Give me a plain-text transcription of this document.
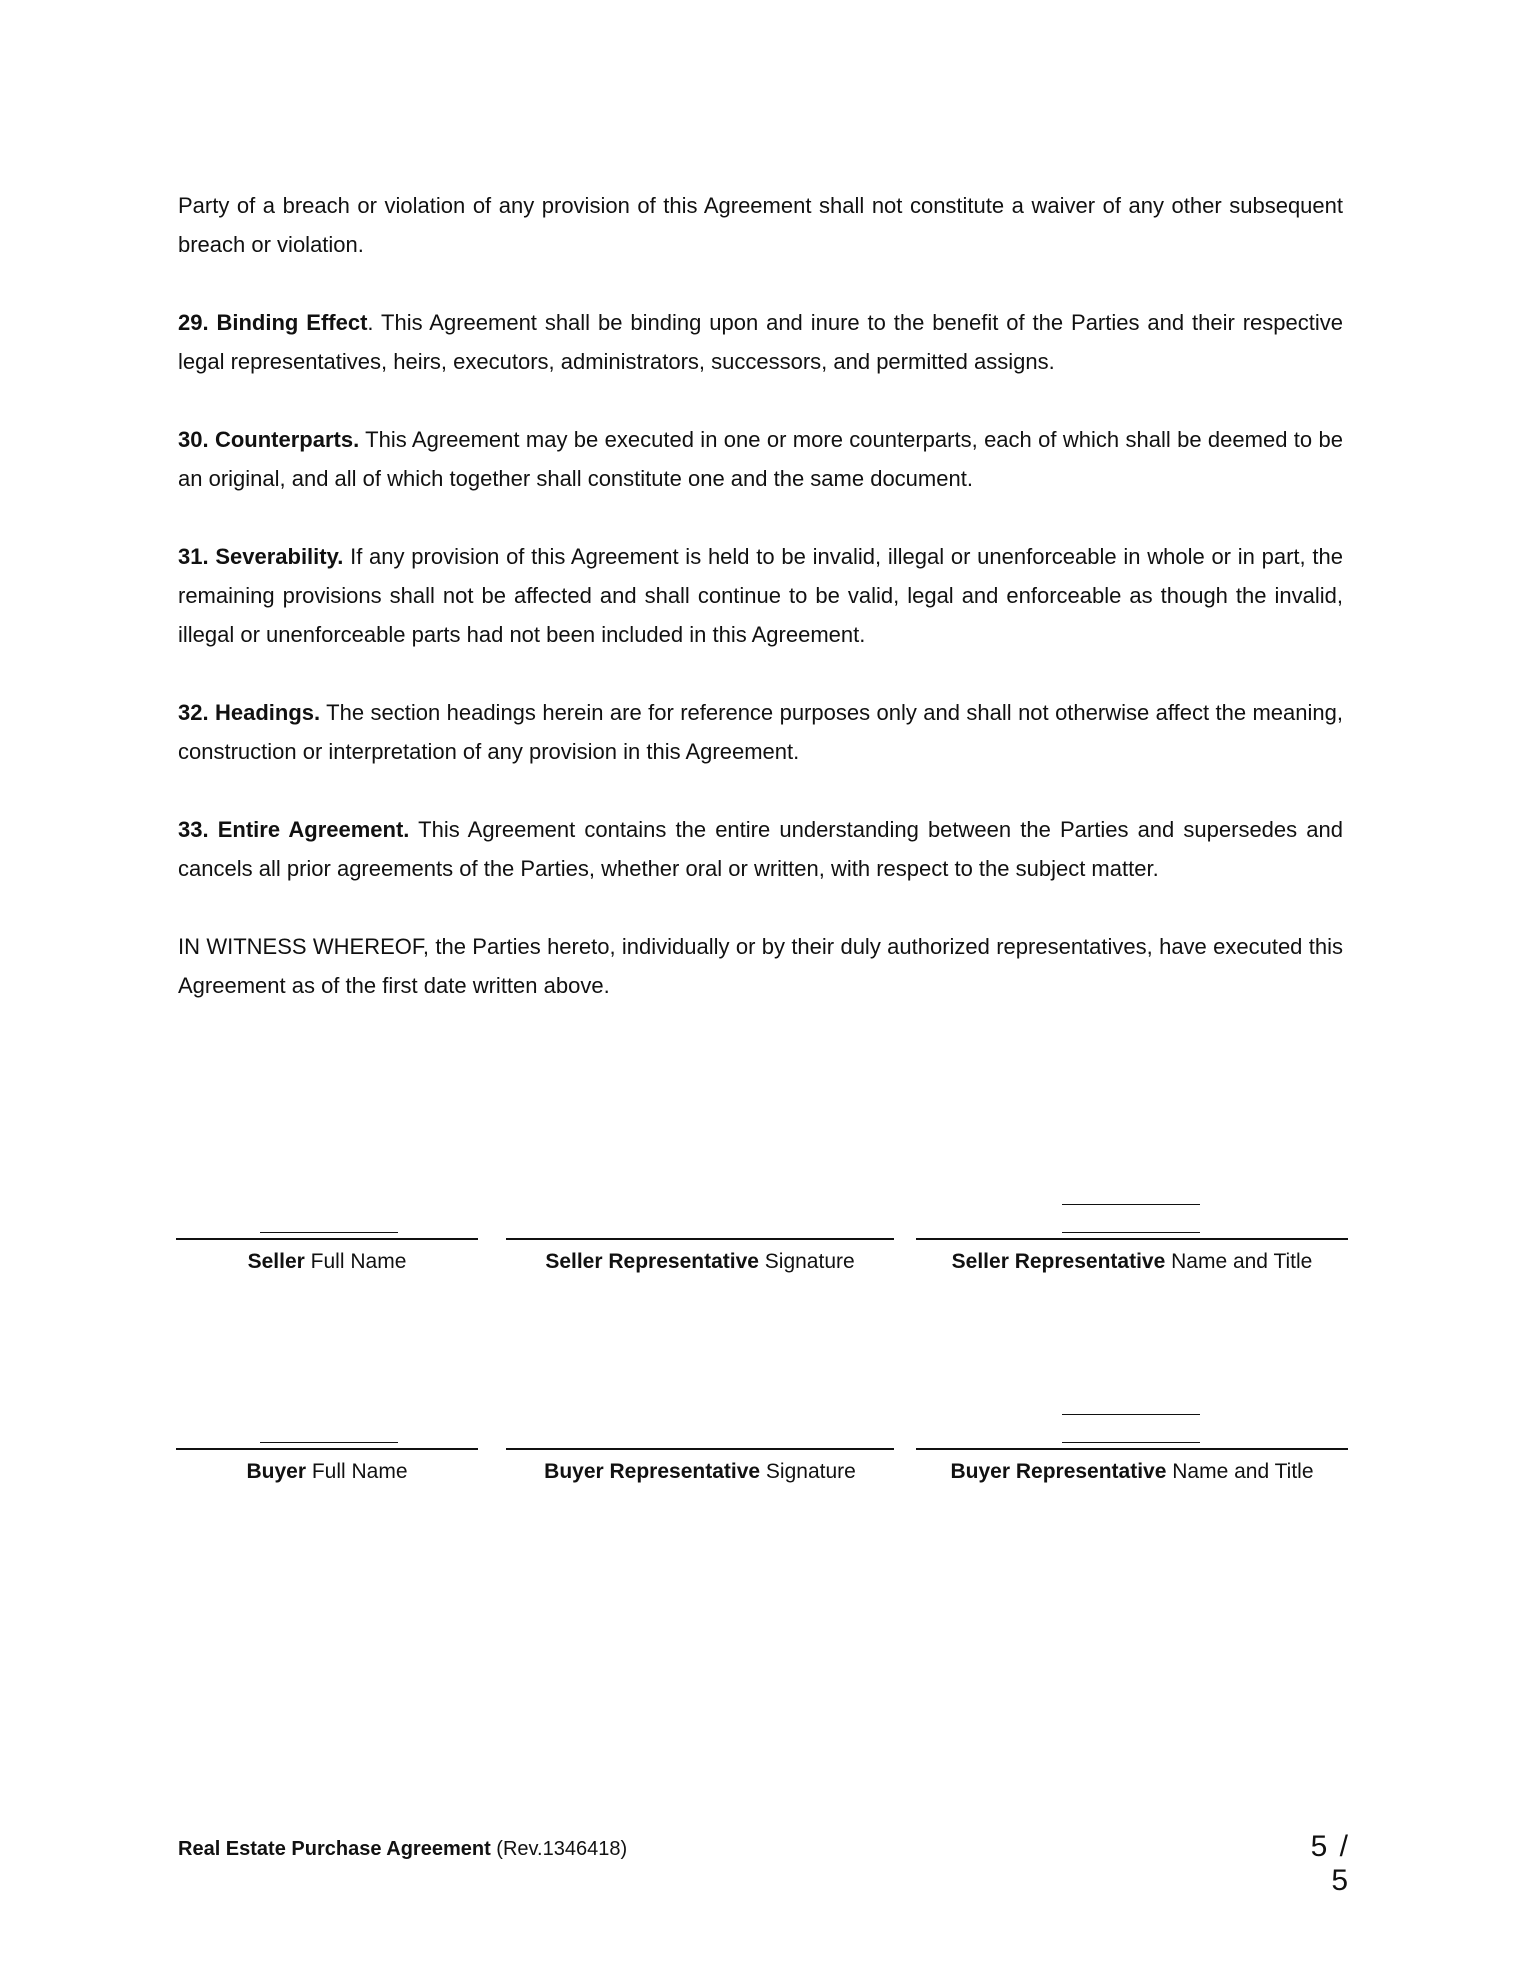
Party of a breach or violation of any provision of this Agreement shall not constitute a waiver of any other subsequent breach or violation.

29. Binding Effect. This Agreement shall be binding upon and inure to the benefit of the Parties and their respective legal representatives, heirs, executors, administrators, successors, and permitted assigns.

30. Counterparts. This Agreement may be executed in one or more counterparts, each of which shall be deemed to be an original, and all of which together shall constitute one and the same document.

31. Severability. If any provision of this Agreement is held to be invalid, illegal or unenforceable in whole or in part, the remaining provisions shall not be affected and shall continue to be valid, legal and enforceable as though the invalid, illegal or unenforceable parts had not been included in this Agreement.

32. Headings. The section headings herein are for reference purposes only and shall not otherwise affect the meaning, construction or interpretation of any provision in this Agreement.

33. Entire Agreement. This Agreement contains the entire understanding between the Parties and supersedes and cancels all prior agreements of the Parties, whether oral or written, with respect to the subject matter.

IN WITNESS WHEREOF, the Parties hereto, individually or by their duly authorized representatives, have executed this Agreement as of the first date written above.

Seller Full Name	Seller Representative Signature	Seller Representative Name and Title
Buyer Full Name	Buyer Representative Signature	Buyer Representative Name and Title
Real Estate Purchase Agreement (Rev.1346418)	5 / 5
